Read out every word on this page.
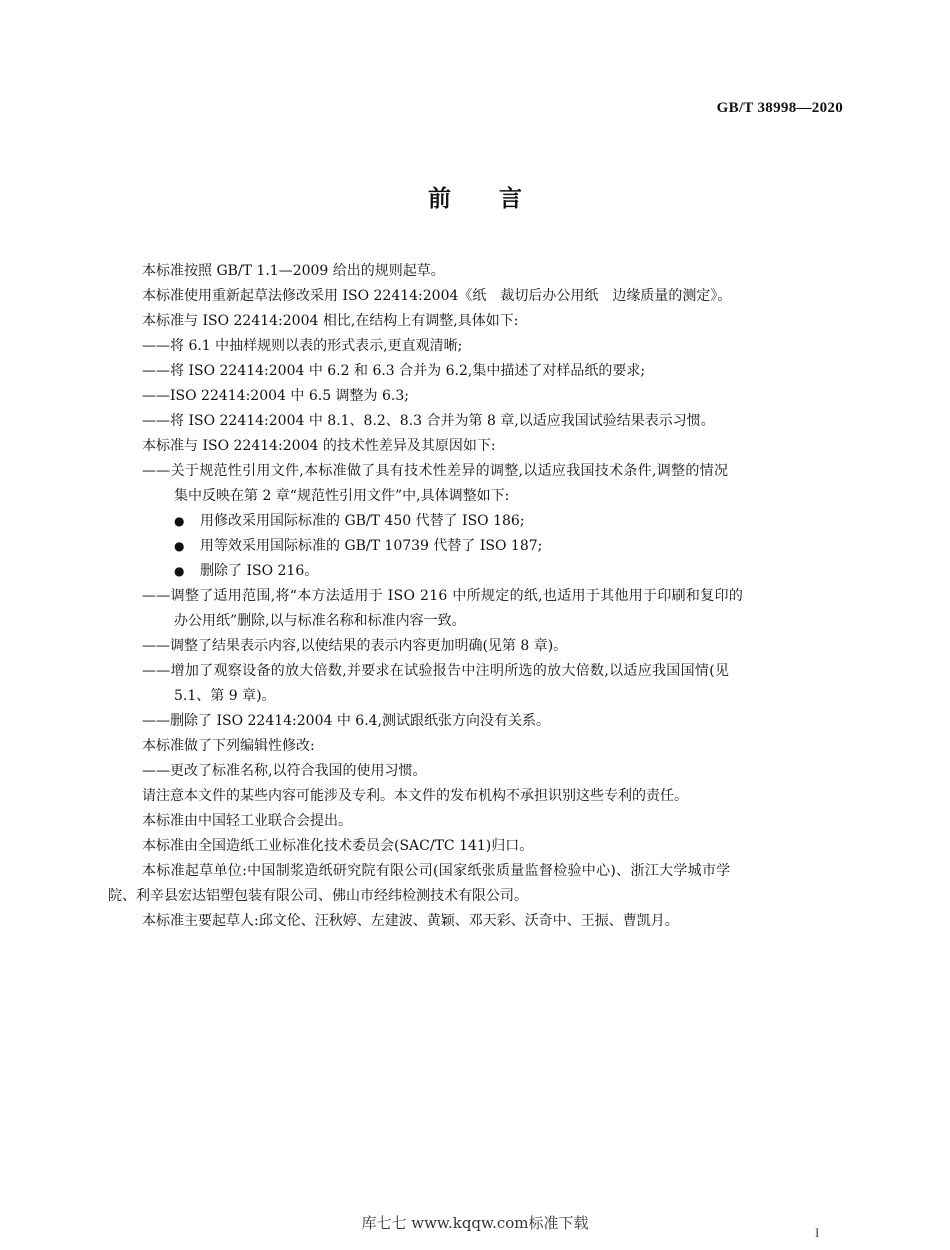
GB/T 38998—2020
前言

本标准按照 GB/T 1.1—2009 给出的规则起草。

本标准使用重新起草法修改采用 ISO 22414:2004《纸　裁切后办公用纸　边缘质量的测定》。

本标准与 ISO 22414:2004 相比,在结构上有调整,具体如下:

——将 6.1 中抽样规则以表的形式表示,更直观清晰;

——将 ISO 22414:2004 中 6.2 和 6.3 合并为 6.2,集中描述了对样品纸的要求;

——ISO 22414:2004 中 6.5 调整为 6.3;

——将 ISO 22414:2004 中 8.1、8.2、8.3 合并为第 8 章,以适应我国试验结果表示习惯。

本标准与 ISO 22414:2004 的技术性差异及其原因如下:

——关于规范性引用文件,本标准做了具有技术性差异的调整,以适应我国技术条件,调整的情况

集中反映在第 2 章“规范性引用文件”中,具体调整如下:

● 用修改采用国际标准的 GB/T 450 代替了 ISO 186;

● 用等效采用国际标准的 GB/T 10739 代替了 ISO 187;

● 删除了 ISO 216。

——调整了适用范围,将“本方法适用于 ISO 216 中所规定的纸,也适用于其他用于印刷和复印的

办公用纸”删除,以与标准名称和标准内容一致。

——调整了结果表示内容,以使结果的表示内容更加明确(见第 8 章)。

——增加了观察设备的放大倍数,并要求在试验报告中注明所选的放大倍数,以适应我国国情(见

5.1、第 9 章)。

——删除了 ISO 22414:2004 中 6.4,测试跟纸张方向没有关系。

本标准做了下列编辑性修改:

——更改了标准名称,以符合我国的使用习惯。

请注意本文件的某些内容可能涉及专利。本文件的发布机构不承担识别这些专利的责任。

本标准由中国轻工业联合会提出。

本标准由全国造纸工业标准化技术委员会(SAC/TC 141)归口。

本标准起草单位:中国制浆造纸研究院有限公司(国家纸张质量监督检验中心)、浙江大学城市学

院、利辛县宏达铝塑包装有限公司、佛山市经纬检测技术有限公司。

本标准主要起草人:邱文伦、汪秋婷、左建波、黄颖、邓天彩、沃奇中、王振、曹凯月。

库七七 www.kqqw.com标准下载
I
